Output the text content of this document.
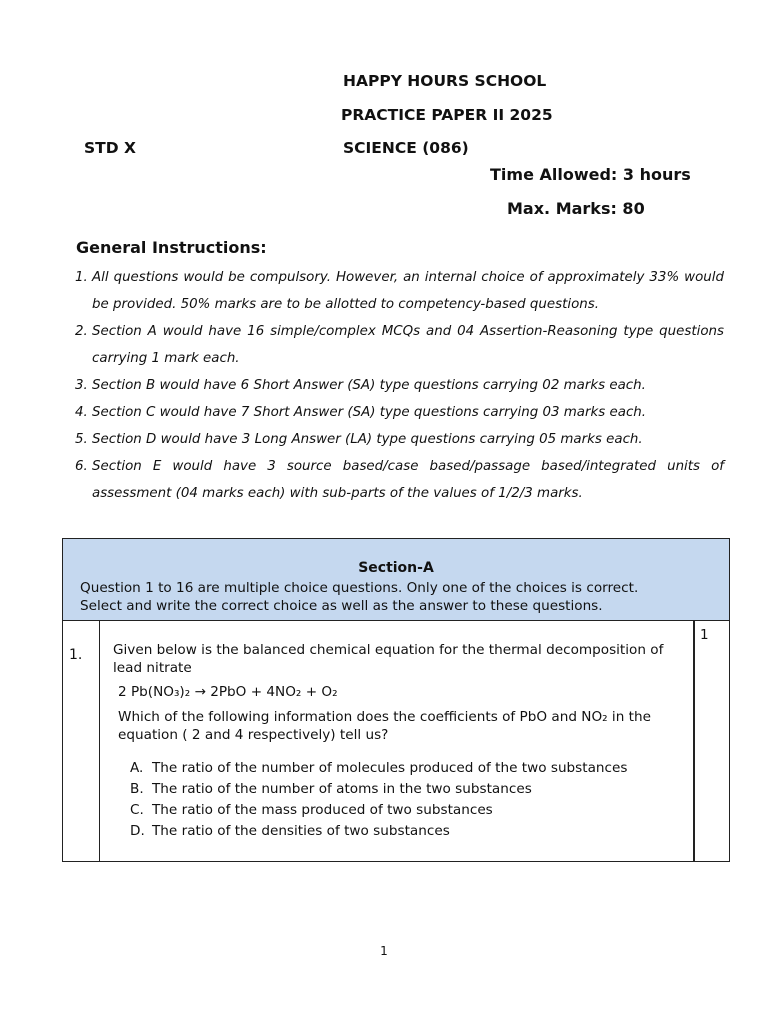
HAPPY HOURS SCHOOL
PRACTICE PAPER II 2025
STD X	SCIENCE (086)
Time Allowed: 3 hours
Max. Marks: 80
General Instructions:
1. All questions would be compulsory. However, an internal choice of approximately 33% would be provided. 50% marks are to be allotted to competency-based questions.
2. Section A would have 16 simple/complex MCQs and 04 Assertion-Reasoning type questions carrying 1 mark each.
3. Section B would have 6 Short Answer (SA) type questions carrying 02 marks each.
4. Section C would have 7 Short Answer (SA) type questions carrying 03 marks each.
5. Section D would have 3 Long Answer (LA) type questions carrying 05 marks each.
6. Section E would have 3 source based/case based/passage based/integrated units of assessment (04 marks each) with sub-parts of the values of 1/2/3 marks.
Section-A
Question 1 to 16 are multiple choice questions. Only one of the choices is correct.
Select and write the correct choice as well as the answer to these questions.
1.
1
Given below is the balanced chemical equation for the thermal decomposition of
lead nitrate
2 Pb(NO₃)₂ → 2PbO + 4NO₂ + O₂
Which of the following information does the coefficients of PbO and NO₂ in the
equation ( 2 and 4 respectively) tell us?
A. The ratio of the number of molecules produced of the two substances
B. The ratio of the number of atoms in the two substances
C. The ratio of the mass produced of two substances
D. The ratio of the densities of two substances
1
